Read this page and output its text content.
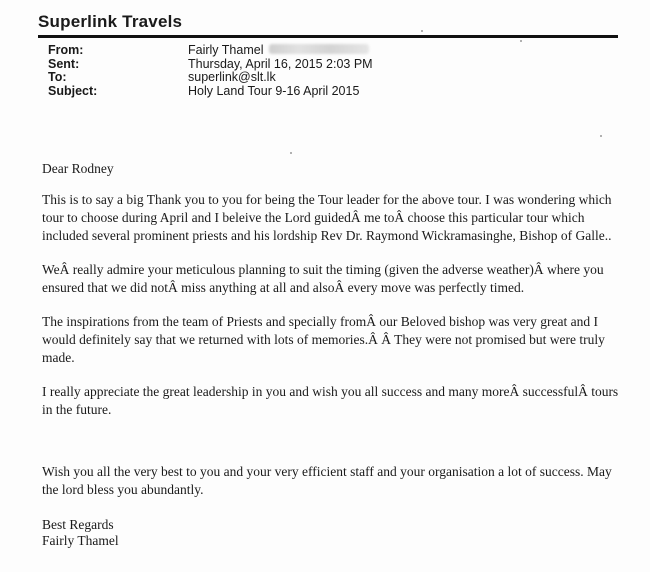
Superlink Travels
From:	Fairly Thamel
Sent:	Thursday, April 16, 2015 2:03 PM
To:	superlink@slt.lk
Subject:	Holy Land Tour 9-16 April 2015

Dear Rodney

This is to say a big Thank you to you for being the Tour leader for the above tour. I was wondering which tour to choose during April and I beleive the Lord guidedÂ me toÂ choose this particular tour which included several prominent priests and his lordship Rev Dr. Raymond Wickramasinghe, Bishop of Galle..

WeÂ really admire your meticulous planning to suit the timing (given the adverse weather)Â where you ensured that we did notÂ miss anything at all and alsoÂ every move was perfectly timed.

The inspirations from the team of Priests and specially fromÂ our Beloved bishop was very great and I would definitely say that we returned with lots of memories.Â Â They were not promised but were truly made.

I really appreciate the great leadership in you and wish you all success and many moreÂ successfulÂ tours in the future.

Wish you all the very best to you and your very efficient staff and your organisation a lot of success. May the lord bless you abundantly.

Best Regards

Fairly Thamel
